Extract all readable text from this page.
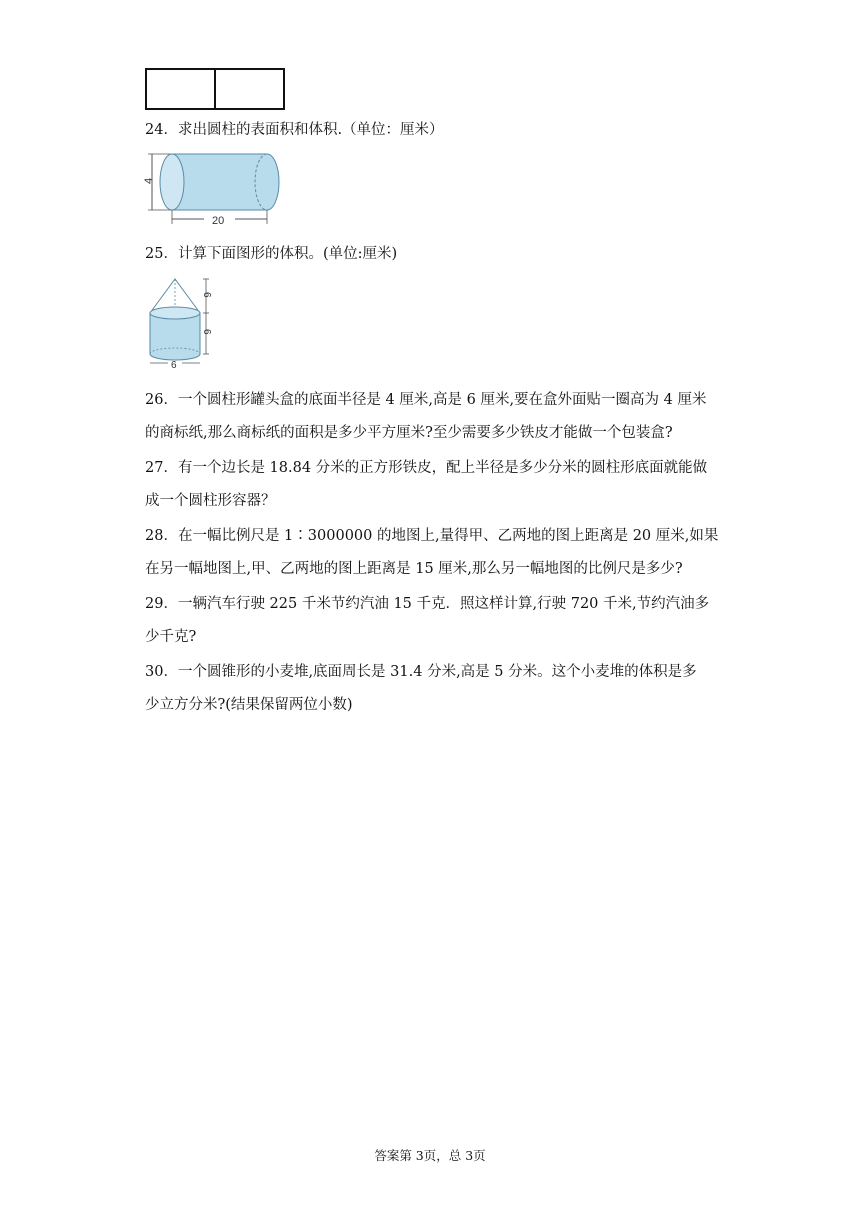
24．求出圆柱的表面积和体积.（单位：厘米）
4
20
25．计算下面图形的体积。(单位:厘米)
6
6
6
26．一个圆柱形罐头盒的底面半径是 4 厘米,高是 6 厘米,要在盒外面贴一圈高为 4 厘米
的商标纸,那么商标纸的面积是多少平方厘米?至少需要多少铁皮才能做一个包装盒?
27．有一个边长是 18.84 分米的正方形铁皮，配上半径是多少分米的圆柱形底面就能做
成一个圆柱形容器？
28．在一幅比例尺是 1∶3000000 的地图上,量得甲、乙两地的图上距离是 20 厘米,如果
在另一幅地图上,甲、乙两地的图上距离是 15 厘米,那么另一幅地图的比例尺是多少?
29．一辆汽车行驶 225 千米节约汽油 15 千克．照这样计算,行驶 720 千米,节约汽油多
少千克?
30．一个圆锥形的小麦堆,底面周长是 31.4 分米,高是 5 分米。这个小麦堆的体积是多
少立方分米?(结果保留两位小数)
答案第 3页，总 3页
